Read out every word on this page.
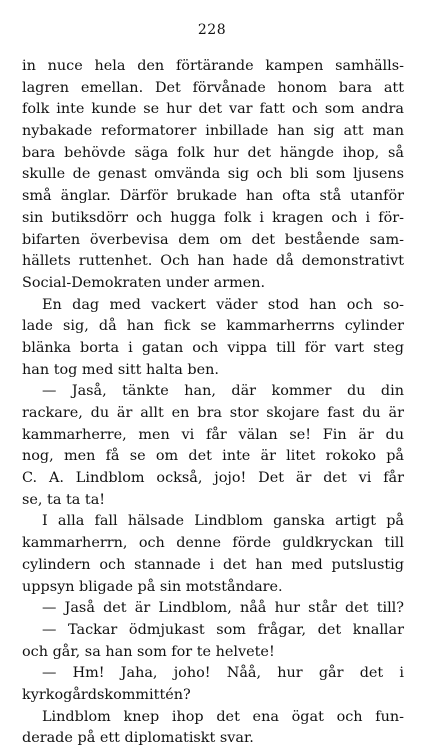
228
in nuce hela den förtärande kampen samhälls-
lagren emellan. Det förvånade honom bara att
folk inte kunde se hur det var fatt och som andra
nybakade reformatorer inbillade han sig att man
bara behövde säga folk hur det hängde ihop, så
skulle de genast omvända sig och bli som ljusens
små änglar. Därför brukade han ofta stå utanför
sin butiksdörr och hugga folk i kragen och i för-
bifarten överbevisa dem om det bestående sam-
hällets ruttenhet. Och han hade då demonstrativt
Social-Demokraten under armen.
En dag med vackert väder stod han och so-
lade sig, då han fick se kammarherrns cylinder
blänka borta i gatan och vippa till för vart steg
han tog med sitt halta ben.
— Jaså, tänkte han, där kommer du din
rackare, du är allt en bra stor skojare fast du är
kammarherre, men vi får välan se! Fin är du
nog, men få se om det inte är litet rokoko på
C. A. Lindblom också, jojo! Det är det vi får
se, ta ta ta!
I alla fall hälsade Lindblom ganska artigt på
kammarherrn, och denne förde guldkryckan till
cylindern och stannade i det han med putslustig
uppsyn bligade på sin motståndare.
— Jaså det är Lindblom, nåå hur står det till?
— Tackar ödmjukast som frågar, det knallar
och går, sa han som for te helvete!
— Hm! Jaha, joho! Nåå, hur går det i
kyrkogårdskommittén?
Lindblom knep ihop det ena ögat och fun-
derade på ett diplomatiskt svar.
